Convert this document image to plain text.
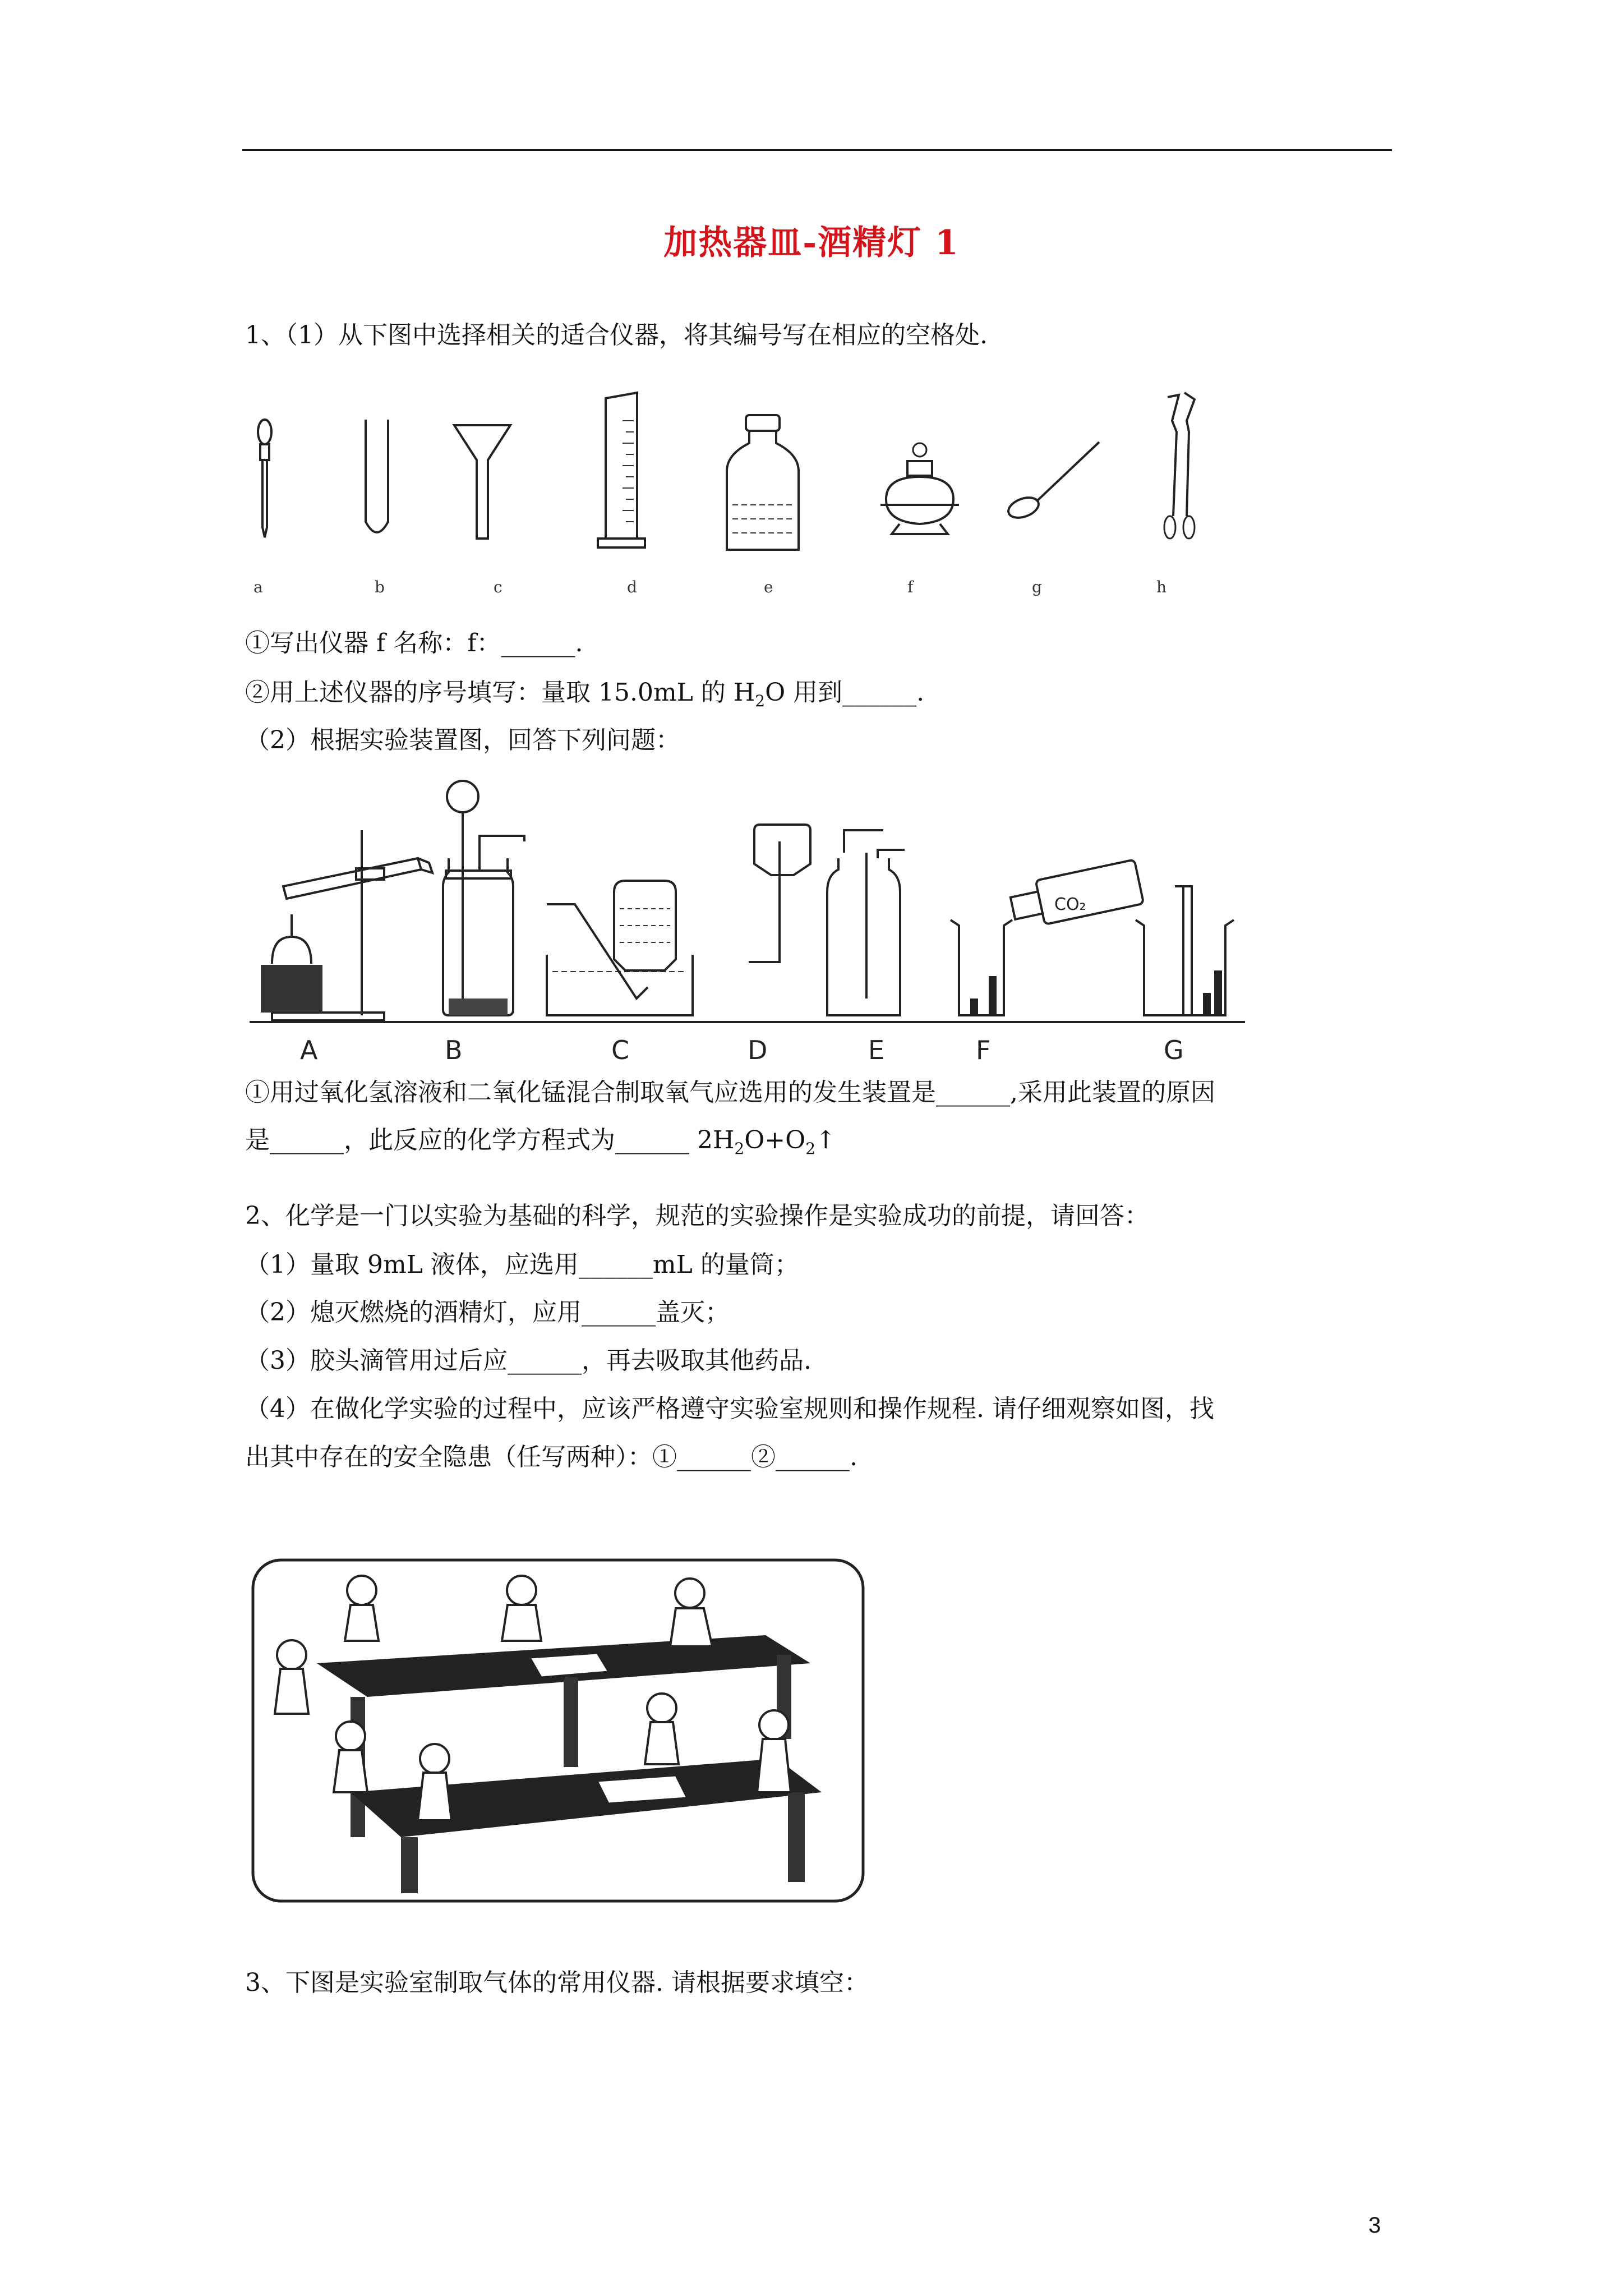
加热器皿-酒精灯 1
1、（1）从下图中选择相关的适合仪器，将其编号写在相应的空格处.
a	b	c	d	e	f	g	h
①写出仪器 f 名称：f：______.
②用上述仪器的序号填写：量取 15.0mL 的 $H_2O$ 用到______.
（2）根据实验装置图，回答下列问题：
CO₂
A	B	C	D	E	F	G
①用过氧化氢溶液和二氧化锰混合制取氧气应选用的发生装置是______,采用此装置的原因
是______，此反应的化学方程式为______ $2H_2O+O_2↑$
2、化学是一门以实验为基础的科学，规范的实验操作是实验成功的前提，请回答：
（1）量取 9mL 液体，应选用______mL 的量筒；
（2）熄灭燃烧的酒精灯，应用______盖灭；
（3）胶头滴管用过后应______，再去吸取其他药品.
（4）在做化学实验的过程中，应该严格遵守实验室规则和操作规程. 请仔细观察如图，找
出其中存在的安全隐患（任写两种）：①______②______.
3、下图是实验室制取气体的常用仪器. 请根据要求填空：
3
